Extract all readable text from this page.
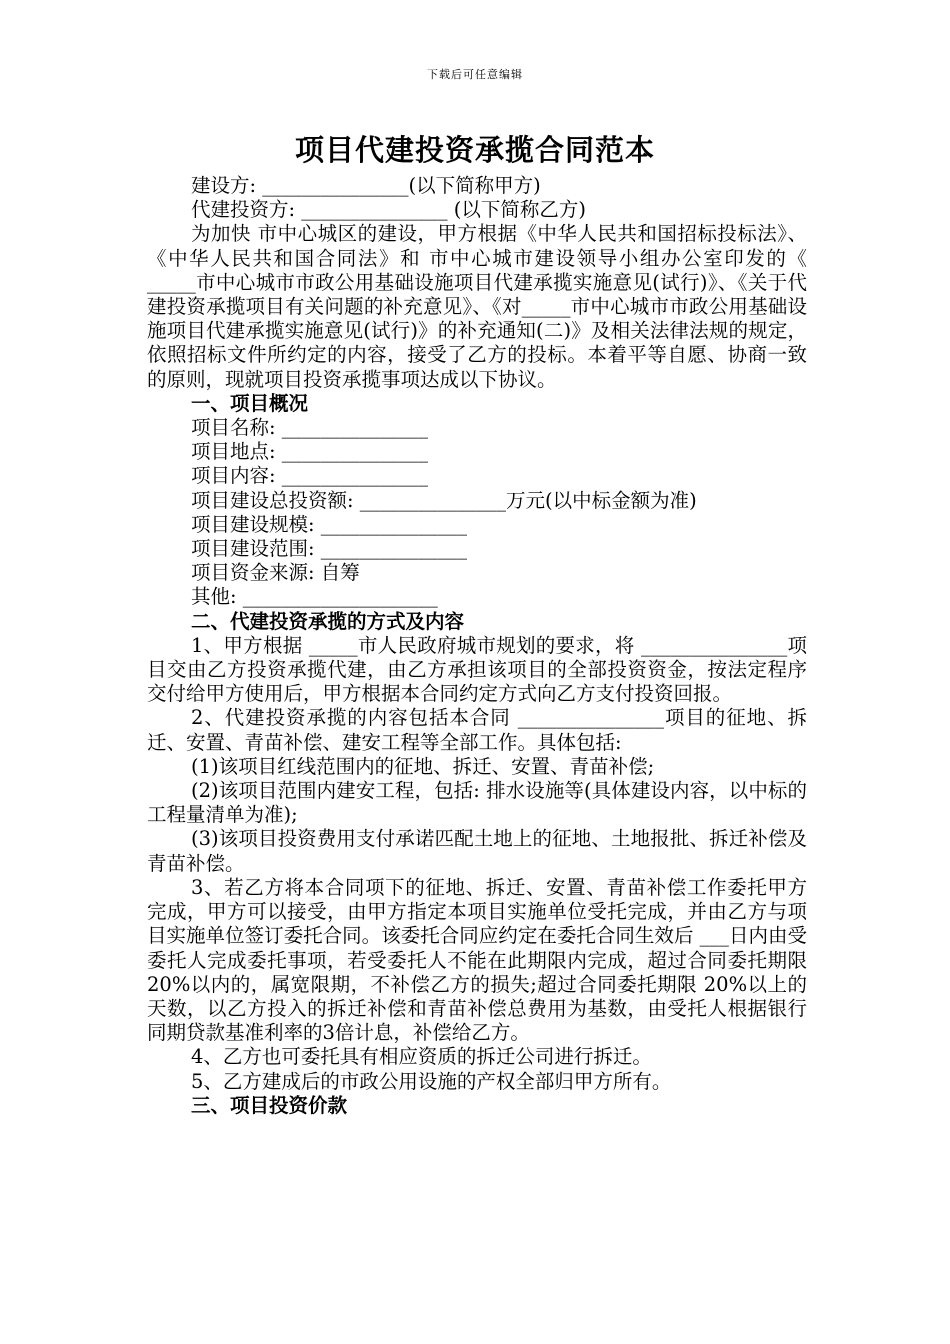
下载后可任意编辑
项目代建投资承揽合同范本

建设方: _______________(以下简称甲方)

代建投资方: _______________ (以下简称乙方)

为加快 市中心城区的建设，甲方根据《中华人民共和国招标投标法》、《中华人民共和国合同法》和 市中心城市建设领导小组办公室印发的《 _____市中心城市市政公用基础设施项目代建承揽实施意见(试行)》、《关于代建投资承揽项目有关问题的补充意见》、《对_____市中心城市市政公用基础设施项目代建承揽实施意见(试行)》的补充通知(二)》及相关法律法规的规定，依照招标文件所约定的内容，接受了乙方的投标。本着平等自愿、协商一致的原则，现就项目投资承揽事项达成以下协议。

一、项目概况

项目名称: _______________

项目地点: _______________

项目内容: _______________

项目建设总投资额: _______________万元(以中标金额为准)

项目建设规模: _______________

项目建设范围: _______________

项目资金来源: 自筹

其他: ____________________

二、代建投资承揽的方式及内容

1、甲方根据 _____市人民政府城市规划的要求，将 _______________项目交由乙方投资承揽代建，由乙方承担该项目的全部投资资金，按法定程序交付给甲方使用后，甲方根据本合同约定方式向乙方支付投资回报。

2、代建投资承揽的内容包括本合同 _______________项目的征地、拆迁、安置、青苗补偿、建安工程等全部工作。具体包括:

(1)该项目红线范围内的征地、拆迁、安置、青苗补偿;

(2)该项目范围内建安工程，包括: 排水设施等(具体建设内容，以中标的工程量清单为准);

(3)该项目投资费用支付承诺匹配土地上的征地、土地报批、拆迁补偿及青苗补偿。

3、若乙方将本合同项下的征地、拆迁、安置、青苗补偿工作委托甲方完成，甲方可以接受，由甲方指定本项目实施单位受托完成，并由乙方与项目实施单位签订委托合同。该委托合同应约定在委托合同生效后 ___日内由受委托人完成委托事项，若受委托人不能在此期限内完成，超过合同委托期限20%以内的，属宽限期，不补偿乙方的损失;超过合同委托期限 20%以上的天数，以乙方投入的拆迁补偿和青苗补偿总费用为基数，由受托人根据银行同期贷款基准利率的3倍计息，补偿给乙方。

4、乙方也可委托具有相应资质的拆迁公司进行拆迁。

5、乙方建成后的市政公用设施的产权全部归甲方所有。

三、项目投资价款
